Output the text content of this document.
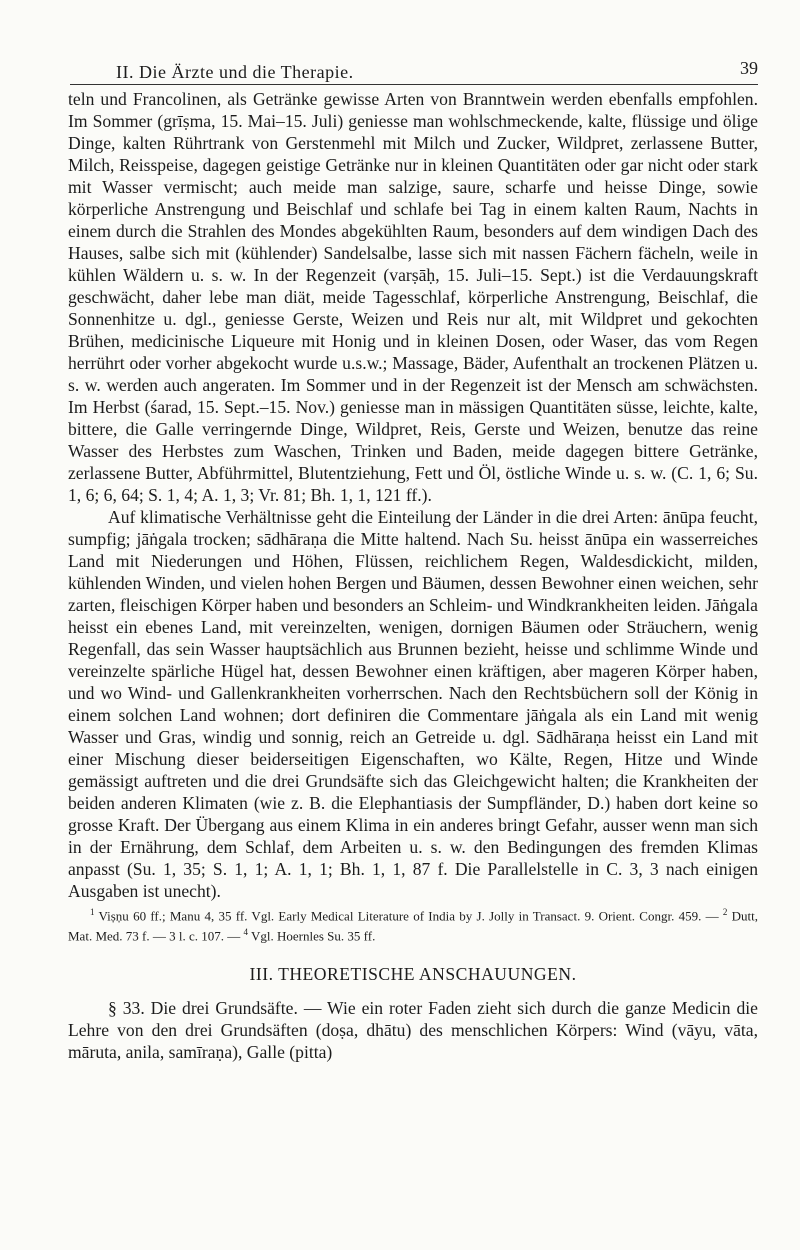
II. Die Ärzte und die Therapie.	39

teln und Francolinen, als Getränke gewisse Arten von Branntwein werden ebenfalls empfohlen. Im Sommer (grīṣma, 15. Mai–15. Juli) geniesse man wohlschmeckende, kalte, flüssige und ölige Dinge, kalten Rührtrank von Gerstenmehl mit Milch und Zucker, Wildpret, zerlassene Butter, Milch, Reisspeise, dagegen geistige Getränke nur in kleinen Quantitäten oder gar nicht oder stark mit Wasser vermischt; auch meide man salzige, saure, scharfe und heisse Dinge, sowie körperliche Anstrengung und Beischlaf und schlafe bei Tag in einem kalten Raum, Nachts in einem durch die Strahlen des Mondes abgekühlten Raum, besonders auf dem windigen Dach des Hauses, salbe sich mit (kühlender) Sandelsalbe, lasse sich mit nassen Fächern fächeln, weile in kühlen Wäldern u. s. w. In der Regenzeit (varṣāḥ, 15. Juli–15. Sept.) ist die Verdauungskraft geschwächt, daher lebe man diät, meide Tagesschlaf, körperliche Anstrengung, Beischlaf, die Sonnenhitze u. dgl., geniesse Gerste, Weizen und Reis nur alt, mit Wildpret und gekochten Brühen, medicinische Liqueure mit Honig und in kleinen Dosen, oder Waser, das vom Regen herrührt oder vorher abgekocht wurde u.s.w.; Massage, Bäder, Aufenthalt an trockenen Plätzen u. s. w. werden auch angeraten. Im Sommer und in der Regenzeit ist der Mensch am schwächsten. Im Herbst (śarad, 15. Sept.–15. Nov.) geniesse man in mässigen Quantitäten süsse, leichte, kalte, bittere, die Galle verringernde Dinge, Wildpret, Reis, Gerste und Weizen, benutze das reine Wasser des Herbstes zum Waschen, Trinken und Baden, meide dagegen bittere Getränke, zerlassene Butter, Abführmittel, Blutentziehung, Fett und Öl, östliche Winde u. s. w. (C. 1, 6; Su. 1, 6; 6, 64; S. 1, 4; A. 1, 3; Vr. 81; Bh. 1, 1, 121 ff.).

Auf klimatische Verhältnisse geht die Einteilung der Länder in die drei Arten: ānūpa feucht, sumpfig; jāṅgala trocken; sādhāraṇa die Mitte haltend. Nach Su. heisst ānūpa ein wasserreiches Land mit Niederungen und Höhen, Flüssen, reichlichem Regen, Waldesdickicht, milden, kühlenden Winden, und vielen hohen Bergen und Bäumen, dessen Bewohner einen weichen, sehr zarten, fleischigen Körper haben und besonders an Schleim- und Windkrankheiten leiden. Jāṅgala heisst ein ebenes Land, mit vereinzelten, wenigen, dornigen Bäumen oder Sträuchern, wenig Regenfall, das sein Wasser hauptsächlich aus Brunnen bezieht, heisse und schlimme Winde und vereinzelte spärliche Hügel hat, dessen Bewohner einen kräftigen, aber mageren Körper haben, und wo Wind- und Gallenkrankheiten vorherrschen. Nach den Rechtsbüchern soll der König in einem solchen Land wohnen; dort definiren die Commentare jāṅgala als ein Land mit wenig Wasser und Gras, windig und sonnig, reich an Getreide u. dgl. Sādhāraṇa heisst ein Land mit einer Mischung dieser beiderseitigen Eigenschaften, wo Kälte, Regen, Hitze und Winde gemässigt auftreten und die drei Grundsäfte sich das Gleichgewicht halten; die Krankheiten der beiden anderen Klimaten (wie z. B. die Elephantiasis der Sumpfländer, D.) haben dort keine so grosse Kraft. Der Übergang aus einem Klima in ein anderes bringt Gefahr, ausser wenn man sich in der Ernährung, dem Schlaf, dem Arbeiten u. s. w. den Bedingungen des fremden Klimas anpasst (Su. 1, 35; S. 1, 1; A. 1, 1; Bh. 1, 1, 87 f. Die Parallelstelle in C. 3, 3 nach einigen Ausgaben ist unecht).

$^1$ Viṣṇu 60 ff.; Manu 4, 35 ff. Vgl. Early Medical Literature of India by J. Jolly in Transact. 9. Orient. Congr. 459. — $^2$ Dutt, Mat. Med. 73 f. — 3 l. c. 107. — $^4$ Vgl. Hoernles Su. 35 ff.

III. THEORETISCHE ANSCHAUUNGEN.

§ 33. Die drei Grundsäfte. — Wie ein roter Faden zieht sich durch die ganze Medicin die Lehre von den drei Grundsäften (doṣa, dhātu) des menschlichen Körpers: Wind (vāyu, vāta, māruta, anila, samīraṇa), Galle (pitta)
